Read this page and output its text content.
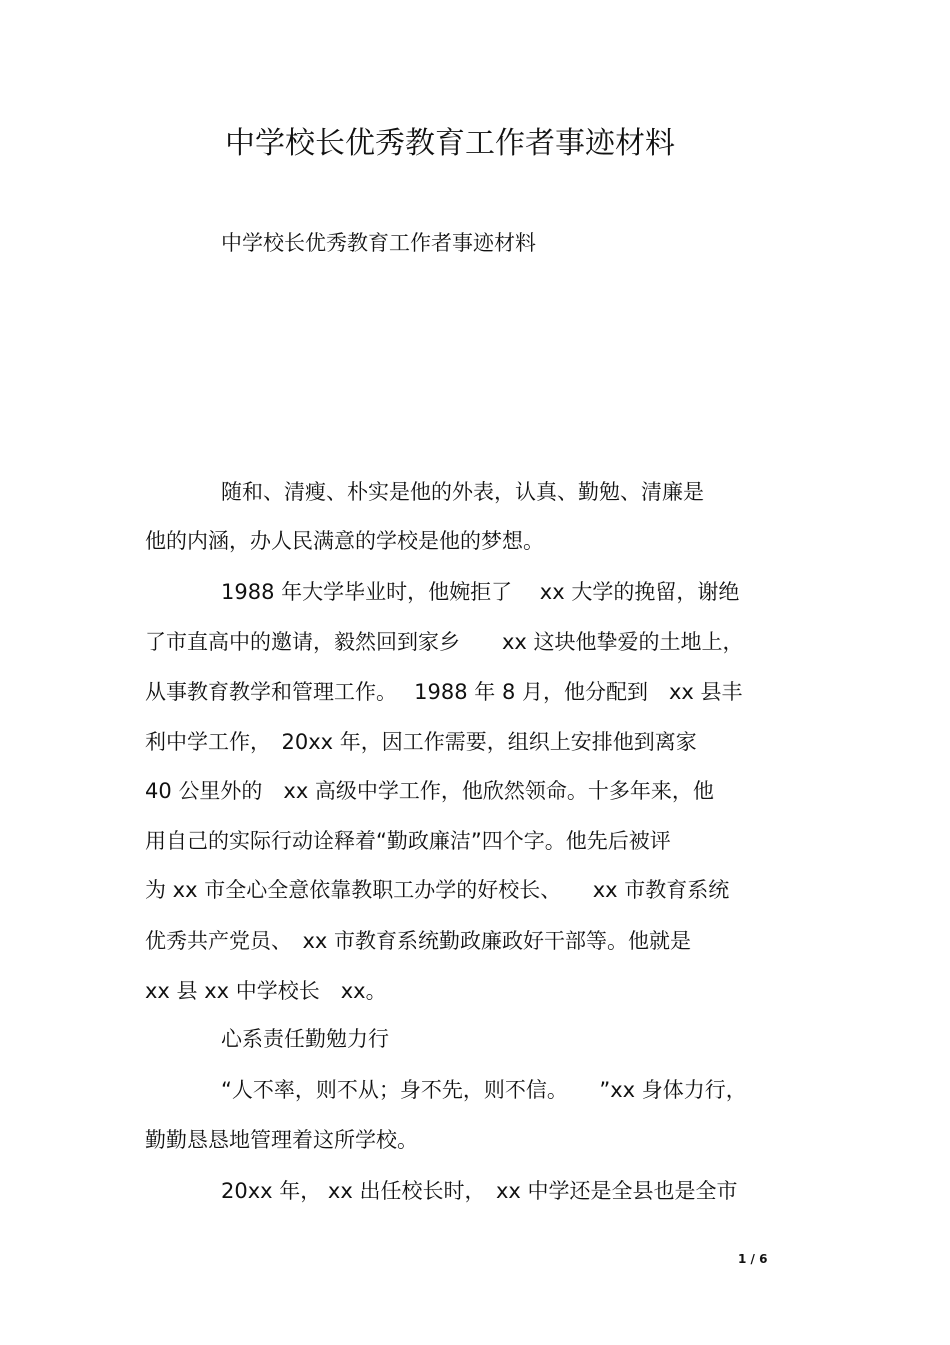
中学校长优秀教育工作者事迹材料

中学校长优秀教育工作者事迹材料

随和、清瘦、朴实是他的外表，认真、勤勉、清廉是

他的内涵，办人民满意的学校是他的梦想。

1988 年大学毕业时，他婉拒了　 xx 大学的挽留，谢绝

了市直高中的邀请，毅然回到家乡　　xx 这块他挚爱的土地上，

从事教育教学和管理工作。　 1988 年 8 月，他分配到　xx 县丰

利中学工作，　20xx 年，因工作需要，组织上安排他到离家

40 公里外的　xx 高级中学工作，他欣然领命。十多年来，他

用自己的实际行动诠释着“勤政廉洁”四个字。他先后被评

为 xx 市全心全意依靠教职工办学的好校长、　　xx 市教育系统

优秀共产党员、　xx 市教育系统勤政廉政好干部等。他就是

xx 县 xx 中学校长　xx。

心系责任勤勉力行

“人不率，则不从；身不先，则不信。　　”xx 身体力行，

勤勤恳恳地管理着这所学校。

20xx 年， xx 出任校长时，　xx 中学还是全县也是全市

1 / 6
